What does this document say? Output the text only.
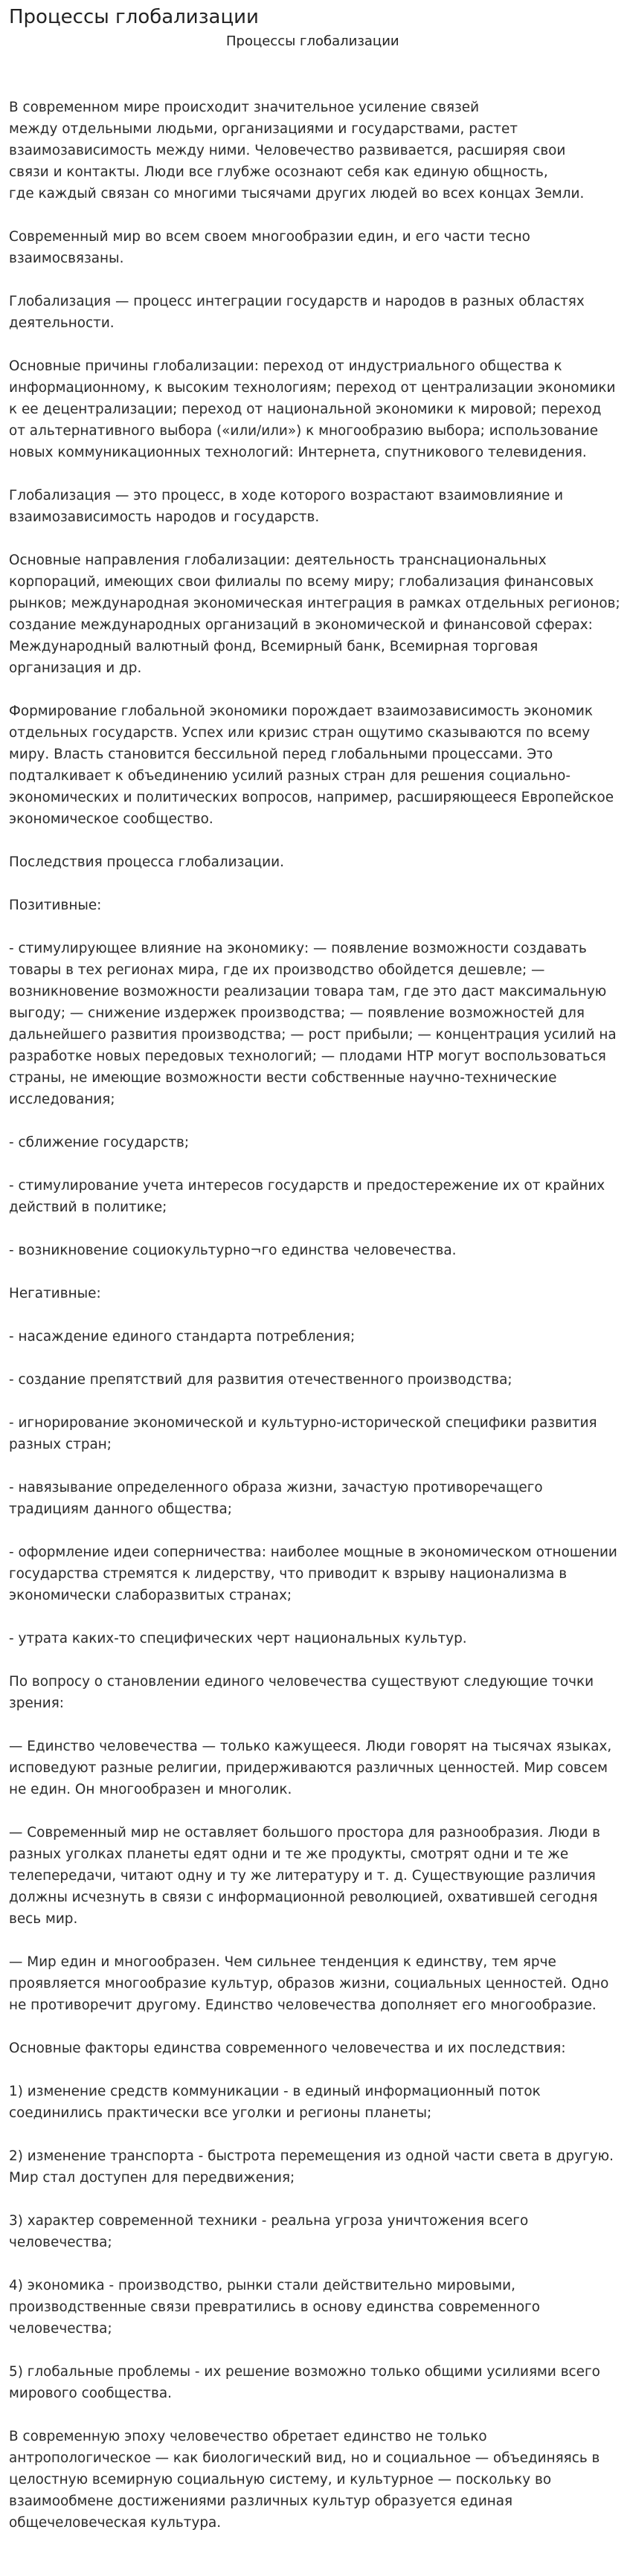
Процессы глобализации
Процессы глобализации

В современном мире происходит значительное усиление связей
между отдельными людьми, организациями и государствами, растет
взаимозависимость между ними. Человечество развивается, расширяя свои
связи и контакты. Люди все глубже осознают себя как единую общность,
где каждый связан со многими тысячами других людей во всех концах Земли.

Современный мир во всем своем многообразии един, и его части тесно взаимосвязаны.

Глобализация — процесс интеграции государств и народов в разных областях деятельности.

Основные причины глобализации: переход от индустриального общества к информационному, к высоким технологиям; переход от централизации экономики к ее децентрализации; переход от национальной экономики к мировой; переход от альтернативного выбора («или/или») к многообразию выбора; использование новых коммуникационных технологий: Интернета, спутникового телевидения.

Глобализация — это процесс, в ходе которого возрастают взаимовлияние и взаимозависимость народов и государств.

Основные направления глобализации: деятельность транснациональных корпораций, имеющих свои филиалы по всему миру; глобализация финансовых рынков; международная экономическая интеграция в рамках отдельных регионов; создание международных организаций в экономической и финансовой сферах: Международный валютный фонд, Всемирный банк, Всемирная торговая организация и др.

Формирование глобальной экономики порождает взаимозависимость экономик отдельных государств. Успех или кризис стран ощутимо сказываются по всему миру. Власть становится бессильной перед глобальными процессами. Это подталкивает к объединению усилий разных стран для решения социально-экономических и политических вопросов, например, расширяющееся Европейское экономическое сообщество.

Последствия процесса глобализации.

Позитивные:

- стимулирующее влияние на экономику: — появление возможности создавать товары в тех регионах мира, где их производство обойдется дешевле; — возникновение возможности реализации товара там, где это даст максимальную выгоду; — снижение издержек производства; — появление возможностей для дальнейшего развития производства; — рост прибыли; — концентрация усилий на разработке новых передовых технологий; — плодами НТР могут воспользоваться страны, не имеющие возможности вести собственные научно-технические исследования;

- сближение государств;

- стимулирование учета интересов государств и предостережение их от крайних действий в политике;

- возникновение социокультурно¬го единства человечества.

Негативные:

- насаждение единого стандарта потребления;

- создание препятствий для развития отечественного производства;

- игнорирование экономической и культурно-исторической специфики развития разных стран;

- навязывание определенного образа жизни, зачастую противоречащего традициям данного общества;

- оформление идеи соперничества: наиболее мощные в экономическом отношении государства стремятся к лидерству, что приводит к взрыву национализма в экономически слаборазвитых странах;

- утрата каких-то специфических черт национальных культур.

По вопросу о становлении единого человечества существуют следующие точки зрения:

— Единство человечества — только кажущееся. Люди говорят на тысячах языках, исповедуют разные религии, придерживаются различных ценностей. Мир совсем не един. Он многообразен и многолик.

— Современный мир не оставляет большого простора для разнообразия. Люди в разных уголках планеты едят одни и те же продукты, смотрят одни и те же телепередачи, читают одну и ту же литературу и т. д. Существующие различия должны исчезнуть в связи с информационной революцией, охватившей сегодня весь мир.

— Мир един и многообразен. Чем сильнее тенденция к единству, тем ярче проявляется многообразие культур, образов жизни, социальных ценностей. Одно не противоречит другому. Единство человечества дополняет его многообразие.

Основные факторы единства современного человечества и их последствия:

1) изменение средств коммуникации - в единый информационный поток соединились практически все уголки и регионы планеты;

2) изменение транспорта - быстрота перемещения из одной части света в другую. Мир стал доступен для передвижения;

3) характер современной техники - реальна угроза уничтожения всего человечества;

4) экономика - производство, рынки стали действительно мировыми, производственные связи превратились в основу единства современного человечества;

5) глобальные проблемы - их решение возможно только общими усилиями всего мирового сообщества.

В современную эпоху человечество обретает единство не только антропологическое — как биологический вид, но и социальное — объединяясь в целостную всемирную социальную систему, и культурное — поскольку во взаимообмене достижениями различных культур образуется единая общечеловеческая культура.
